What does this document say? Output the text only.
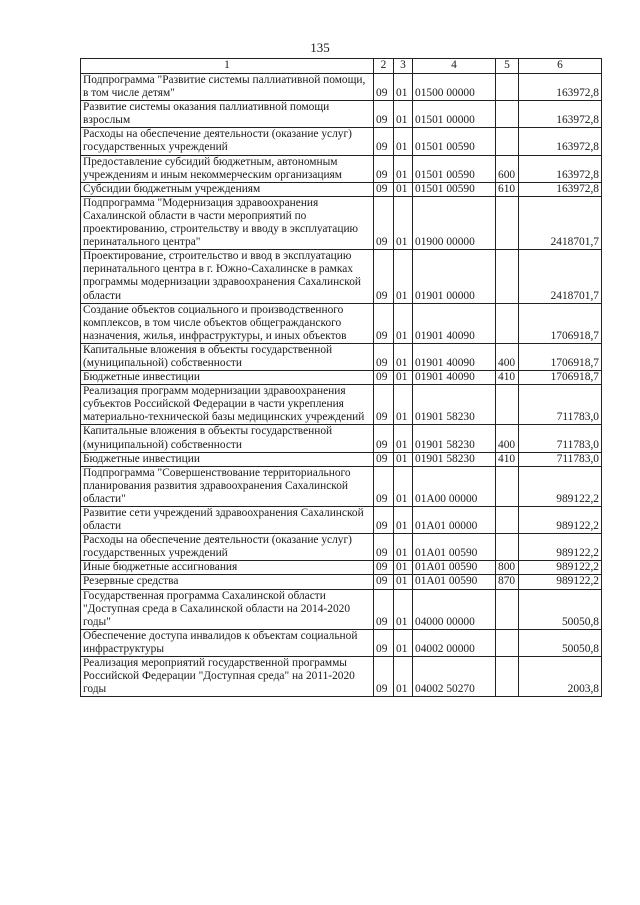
135
1	2	3	4	5	6
Подпрограмма "Развитие системы паллиативной помощи, в том числе детям"	09	01	01500 00000		163972,8
Развитие системы оказания паллиативной помощи взрослым	09	01	01501 00000		163972,8
Расходы на обеспечение деятельности (оказание услуг) государственных учреждений	09	01	01501 00590		163972,8
Предоставление субсидий бюджетным, автономным учреждениям и иным некоммерческим организациям	09	01	01501 00590	600	163972,8
Субсидии бюджетным учреждениям	09	01	01501 00590	610	163972,8
Подпрограмма "Модернизация здравоохранения Сахалинской области в части мероприятий по проектированию, строительству и вводу в эксплуатацию перинатального центра"	09	01	01900 00000		2418701,7
Проектирование, строительство и ввод в эксплуатацию перинатального центра в г. Южно-Сахалинске в рамках программы модернизации здравоохранения Сахалинской области	09	01	01901 00000		2418701,7
Создание объектов социального и производственного комплексов, в том числе объектов общегражданского назначения, жилья, инфраструктуры, и иных объектов	09	01	01901 40090		1706918,7
Капитальные вложения в объекты государственной (муниципальной) собственности	09	01	01901 40090	400	1706918,7
Бюджетные инвестиции	09	01	01901 40090	410	1706918,7
Реализация программ модернизации здравоохранения субъектов Российской Федерации в части укрепления материально-технической базы медицинских учреждений	09	01	01901 58230		711783,0
Капитальные вложения в объекты государственной (муниципальной) собственности	09	01	01901 58230	400	711783,0
Бюджетные инвестиции	09	01	01901 58230	410	711783,0
Подпрограмма "Совершенствование территориального планирования развития здравоохранения Сахалинской области"	09	01	01А00 00000		989122,2
Развитие сети учреждений здравоохранения Сахалинской области	09	01	01А01 00000		989122,2
Расходы на обеспечение деятельности (оказание услуг) государственных учреждений	09	01	01А01 00590		989122,2
Иные бюджетные ассигнования	09	01	01А01 00590	800	989122,2
Резервные средства	09	01	01А01 00590	870	989122,2
Государственная программа Сахалинской области "Доступная среда в Сахалинской области на 2014-2020 годы"	09	01	04000 00000		50050,8
Обеспечение доступа инвалидов к объектам социальной инфраструктуры	09	01	04002 00000		50050,8
Реализация мероприятий государственной программы Российской Федерации "Доступная среда" на 2011-2020 годы	09	01	04002 50270		2003,8
